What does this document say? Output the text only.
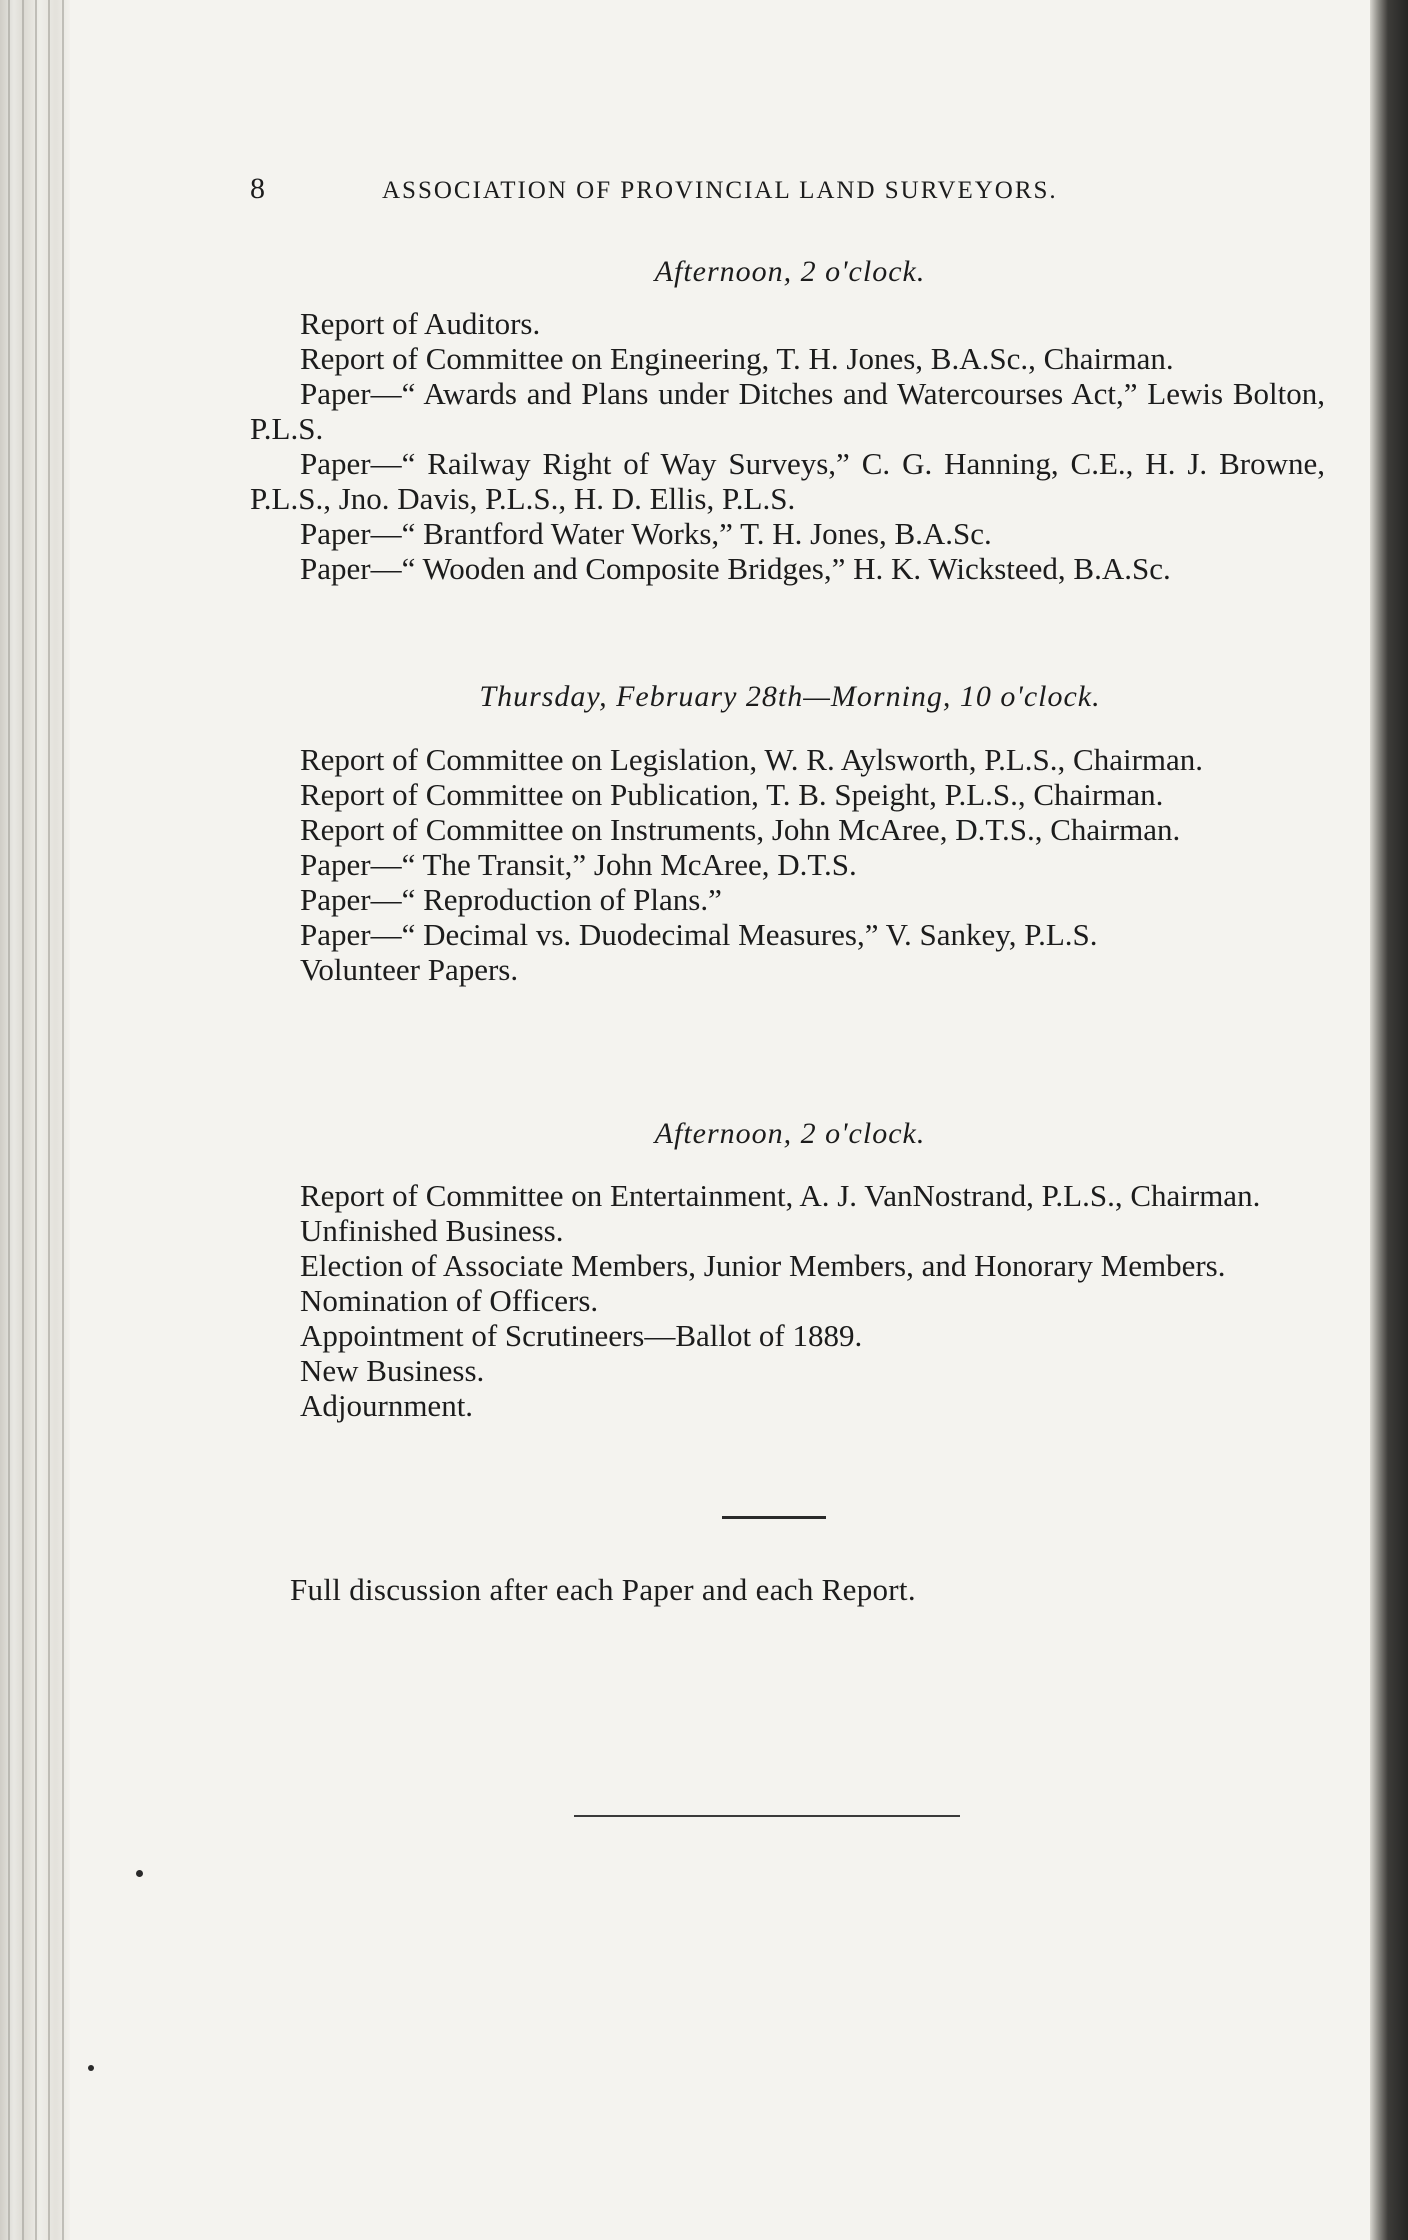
8	ASSOCIATION OF PROVINCIAL LAND SURVEYORS.
Afternoon, 2 o'clock.

Report of Auditors.

Report of Committee on Engineering, T. H. Jones, B.A.Sc., Chairman.

Paper—“ Awards and Plans under Ditches and Watercourses Act,” Lewis Bolton, P.L.S.

Paper—“ Railway Right of Way Surveys,” C. G. Hanning, C.E., H. J. Browne, P.L.S., Jno. Davis, P.L.S., H. D. Ellis, P.L.S.

Paper—“ Brantford Water Works,” T. H. Jones, B.A.Sc.

Paper—“ Wooden and Composite Bridges,” H. K. Wicksteed, B.A.Sc.

Thursday, February 28th—Morning, 10 o'clock.

Report of Committee on Legislation, W. R. Aylsworth, P.L.S., Chairman.

Report of Committee on Publication, T. B. Speight, P.L.S., Chairman.

Report of Committee on Instruments, John McAree, D.T.S., Chairman.

Paper—“ The Transit,” John McAree, D.T.S.

Paper—“ Reproduction of Plans.”

Paper—“ Decimal vs. Duodecimal Measures,” V. Sankey, P.L.S.

Volunteer Papers.

Afternoon, 2 o'clock.

Report of Committee on Entertainment, A. J. VanNostrand, P.L.S., Chairman.

Unfinished Business.

Election of Associate Members, Junior Members, and Honorary Members.

Nomination of Officers.

Appointment of Scrutineers—Ballot of 1889.

New Business.

Adjournment.

Full discussion after each Paper and each Report.
